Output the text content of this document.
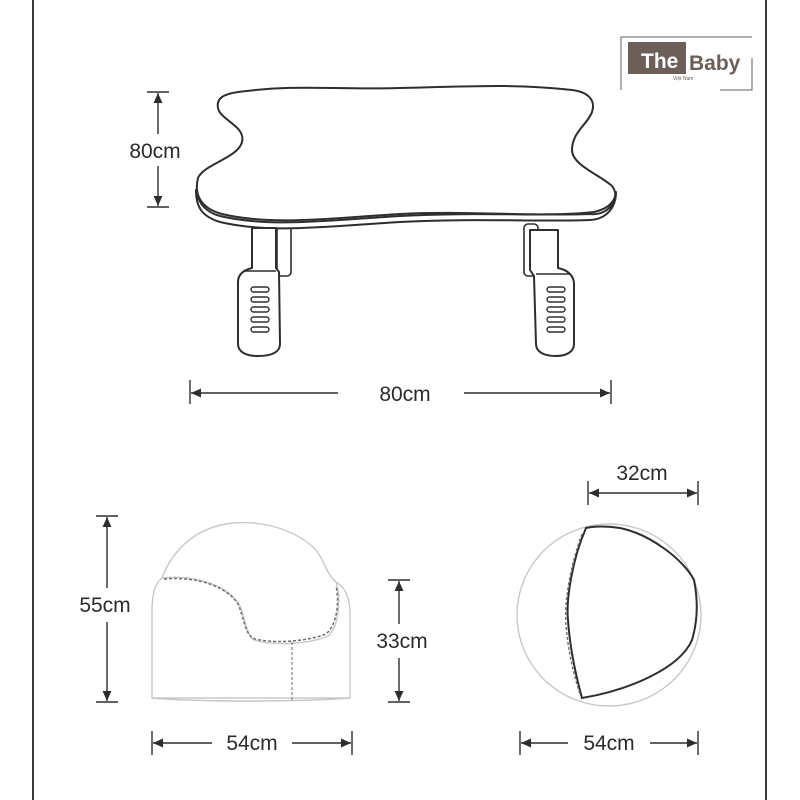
The Baby
Việt Nam
80cm
80cm
55cm
33cm
54cm
32cm
54cm
